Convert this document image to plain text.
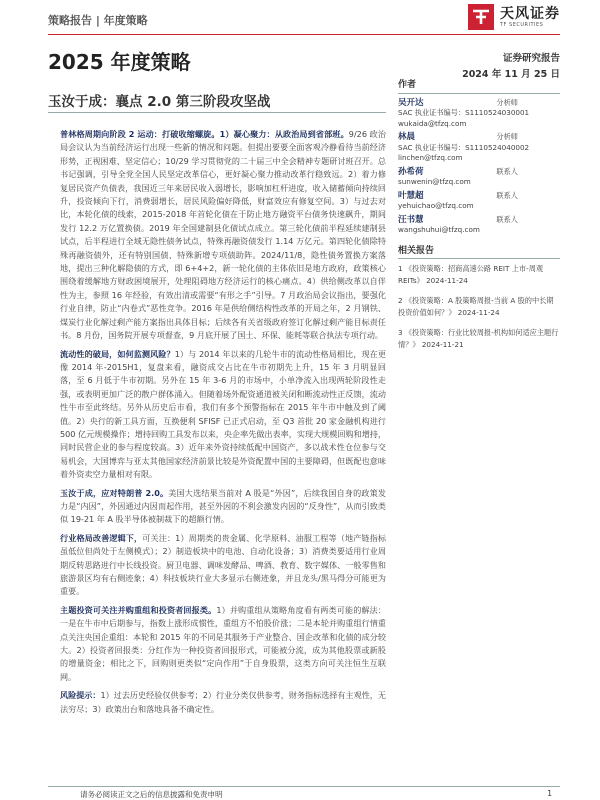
策略报告 | 年度策略	天风证券
TF SECURITIES
2025 年度策略	证券研究报告
2024 年 11 月 25 日
玉汝于成：襄点 2.0 第三阶段攻坚战

普林格周期向阶段 2 运动：打破收缩螺旋。1）凝心聚力：从政治局到省部班。9/26 政治局会议认为当前经济运行出现一些新的情况和问题。但提出要要全面客观冷静看待当前经济形势，正视困难、坚定信心；10/29 学习贯彻党的二十届三中全会精神专题研讨班召开。总书记强调，引导全党全国人民坚定改革信心，更好凝心聚力推动改革行稳致远。2）着力修复居民资产负债表，我国近三年来居民收入弱增长，影响加杠杆进度，收入储蓄倾向持续回升，投资倾向下行，消费弱增长，居民风险偏好降低，财富效应有修复空间。3）与过去对比，本轮化债的线索，2015-2018 年首轮化债在于防止地方融资平台债务快速飙升，期间发行 12.2 万亿置换债。2019 年全国建制县化债试点成立。第三轮化债前半程延续建制县试点，后半程进行全域无隐性债务试点，特殊再融资债发行 1.14 万亿元。第四轮化债除特殊再融资债外，还有特别国债、特殊新增专项债助阵。2024/11/8，隐性债务置换方案落地，提出三种化解隐债的方式，即 6+4+2，新一轮化债的主体依旧是地方政府，政策核心围绕着缓解地方财政困境展开，处理阻碍地方经济运行的核心痛点。4）供给侧改革以自伴性为主，参照 16 年经验，有效出清或需要“有形之手”引导。7 月政治局会议指出，要强化行业自律，防止“内卷式”恶性竞争。2016 年是供给侧结构性改革的开局之年，2 月钢铁、煤炭行业化解过剩产能方案指出具体目标；后续各有关省级政府签订化解过剩产能目标责任书。8 月份，国务院开展专项督查，9 月底开展了国土、环保、能耗等联合执法专项行动。

流动性的破局，如何监测风险？1）与 2014 年以来的几轮牛市的流动性格局相比，现在更像 2014 年-2015H1，复盘来看，融资成交占比在牛市初期先上升，15 年 3 月明显回落，至 6 月低于牛市初期。另外在 15 年 3-6 月的市场中，小单净流入出现两轮阶段性走强，或表明更加广泛的散户群体涌入。但随着场外配资通道被关闭和断流动性正反馈，流动性牛市至此终结。另外从历史后市看，我们有多个预警指标在 2015 年牛市中触及到了阈值。2）央行的新工具方面，互换便利 SFISF 已正式启动，至 Q3 首批 20 家金融机构进行 500 亿元规模操作；增持回购工具发布以来，央企率先做出表率，实现大规模回购和增持，同时民营企业的参与程度较高。3）近年来外资持续低配中国资产，多以战术性仓位参与交易机会，大国博弈与亚太其他国家经济前景比较是外资配置中国的主要障碍，但既配也意味着外资卖空力量相对有限。

玉汝于成，应对特朗普 2.0。美国大选结果当前对 A 股是“外因”，后续我国自身的政策发力是“内因”，外因通过内因而起作用，甚至外因的不利会激发内因的“反身性”，从而引致类似 19-21 年 A 股半导体被制裁下的超额行情。

行业格局改善逻辑下，可关注：1）周期类的贵金属、化学原料、油服工程等（地产链指标虽低位但尚处于左侧模式）；2）制造板块中的电池、自动化设备；3）消费类要适用行业周期反转思路进行中长线投资。厨卫电器、调味发酵品、啤酒、教育、数字媒体、一般零售和旅游景区均有右侧迹象；4）科技板块行业大多显示右侧迹象，并且龙头/黑马得分可能更为重要。

主题投资可关注并购重组和投资者回报类。1）并购重组从策略角度看有两类可能的解法：一是在牛市中后期参与，指数上涨形成惯性，重组方不怕股价涨；二是本轮并购重组行情重点关注央国企重组：本轮和 2015 年的不同是其服务于产业整合、国企改革和化债的成分较大。2）投资者回报类：分红作为一种投资者回报形式，可能被分流，成为其他股票或新股的增量资金；相比之下，回购则更类似“定向作用”于自身股票，这类方向可关注恒生互联网。

风险提示：1）过去历史经验仅供参考；2）行业分类仅供参考，财务指标选择有主观性，无法穷尽；3）政策出台和落地具备不确定性。

作者
吴开达	分析师
SAC 执业证书编号：S1110524030001
wukaida@tfzq.com
林晨	分析师
SAC 执业证书编号：S1110524040002
linchen@tfzq.com
孙希荷	联系人
sunwenin@tfzq.com
叶慧超	联系人
yehuichao@tfzq.com
汪书慧	联系人
wangshuhui@tfzq.com
相关报告
1 《投资策略：招商高速公路 REIT 上市-周观 REITs》 2024-11-24
2 《投资策略：A 股策略周报-当前 A 股的中长期投资价值如何？》 2024-11-24
3 《投资策略：行业比较周报-机构如何适应主题行情？》 2024-11-21
请务必阅读正文之后的信息披露和免责申明	1
